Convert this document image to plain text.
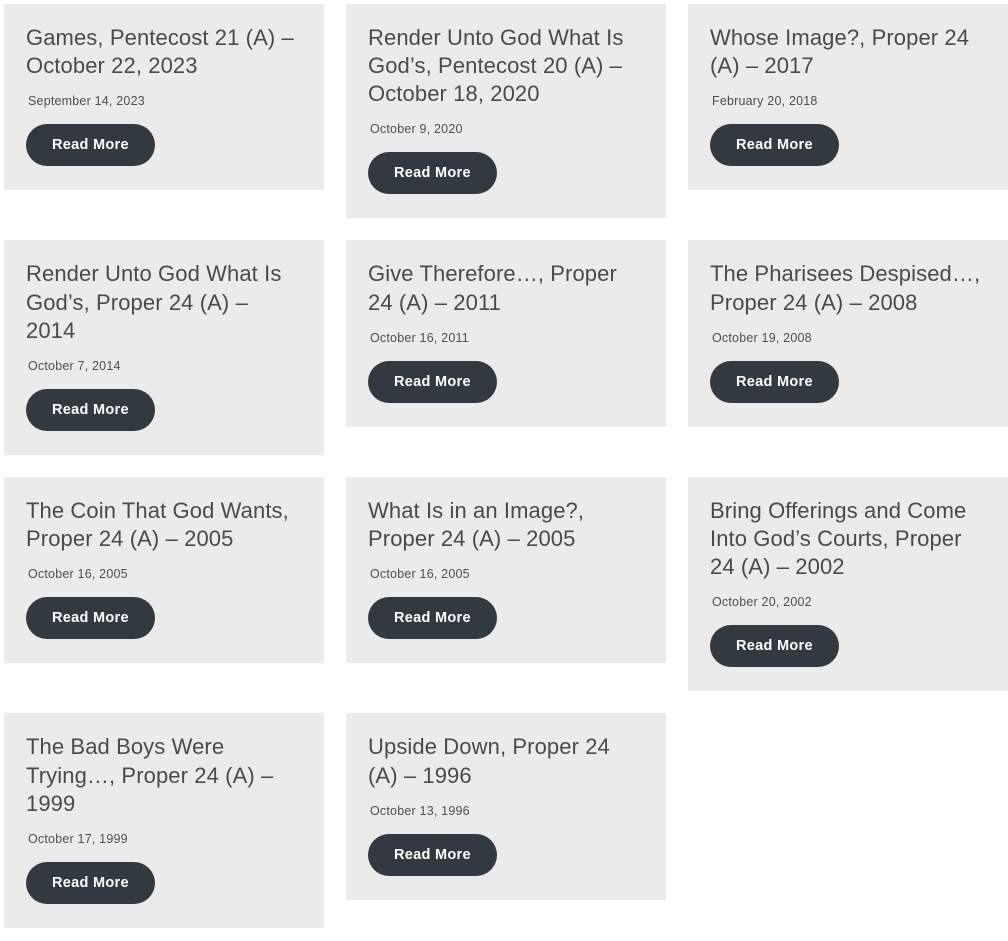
Games, Pentecost 21 (A) – October 22, 2023
September 14, 2023
Read More
Render Unto God What Is God’s, Pentecost 20 (A) – October 18, 2020
October 9, 2020
Read More
Whose Image?, Proper 24 (A) – 2017
February 20, 2018
Read More
Render Unto God What Is God’s, Proper 24 (A) – 2014
October 7, 2014
Read More
Give Therefore…, Proper 24 (A) – 2011
October 16, 2011
Read More
The Pharisees Despised…, Proper 24 (A) – 2008
October 19, 2008
Read More
The Coin That God Wants, Proper 24 (A) – 2005
October 16, 2005
Read More
What Is in an Image?, Proper 24 (A) – 2005
October 16, 2005
Read More
Bring Offerings and Come Into God’s Courts, Proper 24 (A) – 2002
October 20, 2002
Read More
The Bad Boys Were Trying…, Proper 24 (A) – 1999
October 17, 1999
Read More
Upside Down, Proper 24 (A) – 1996
October 13, 1996
Read More
